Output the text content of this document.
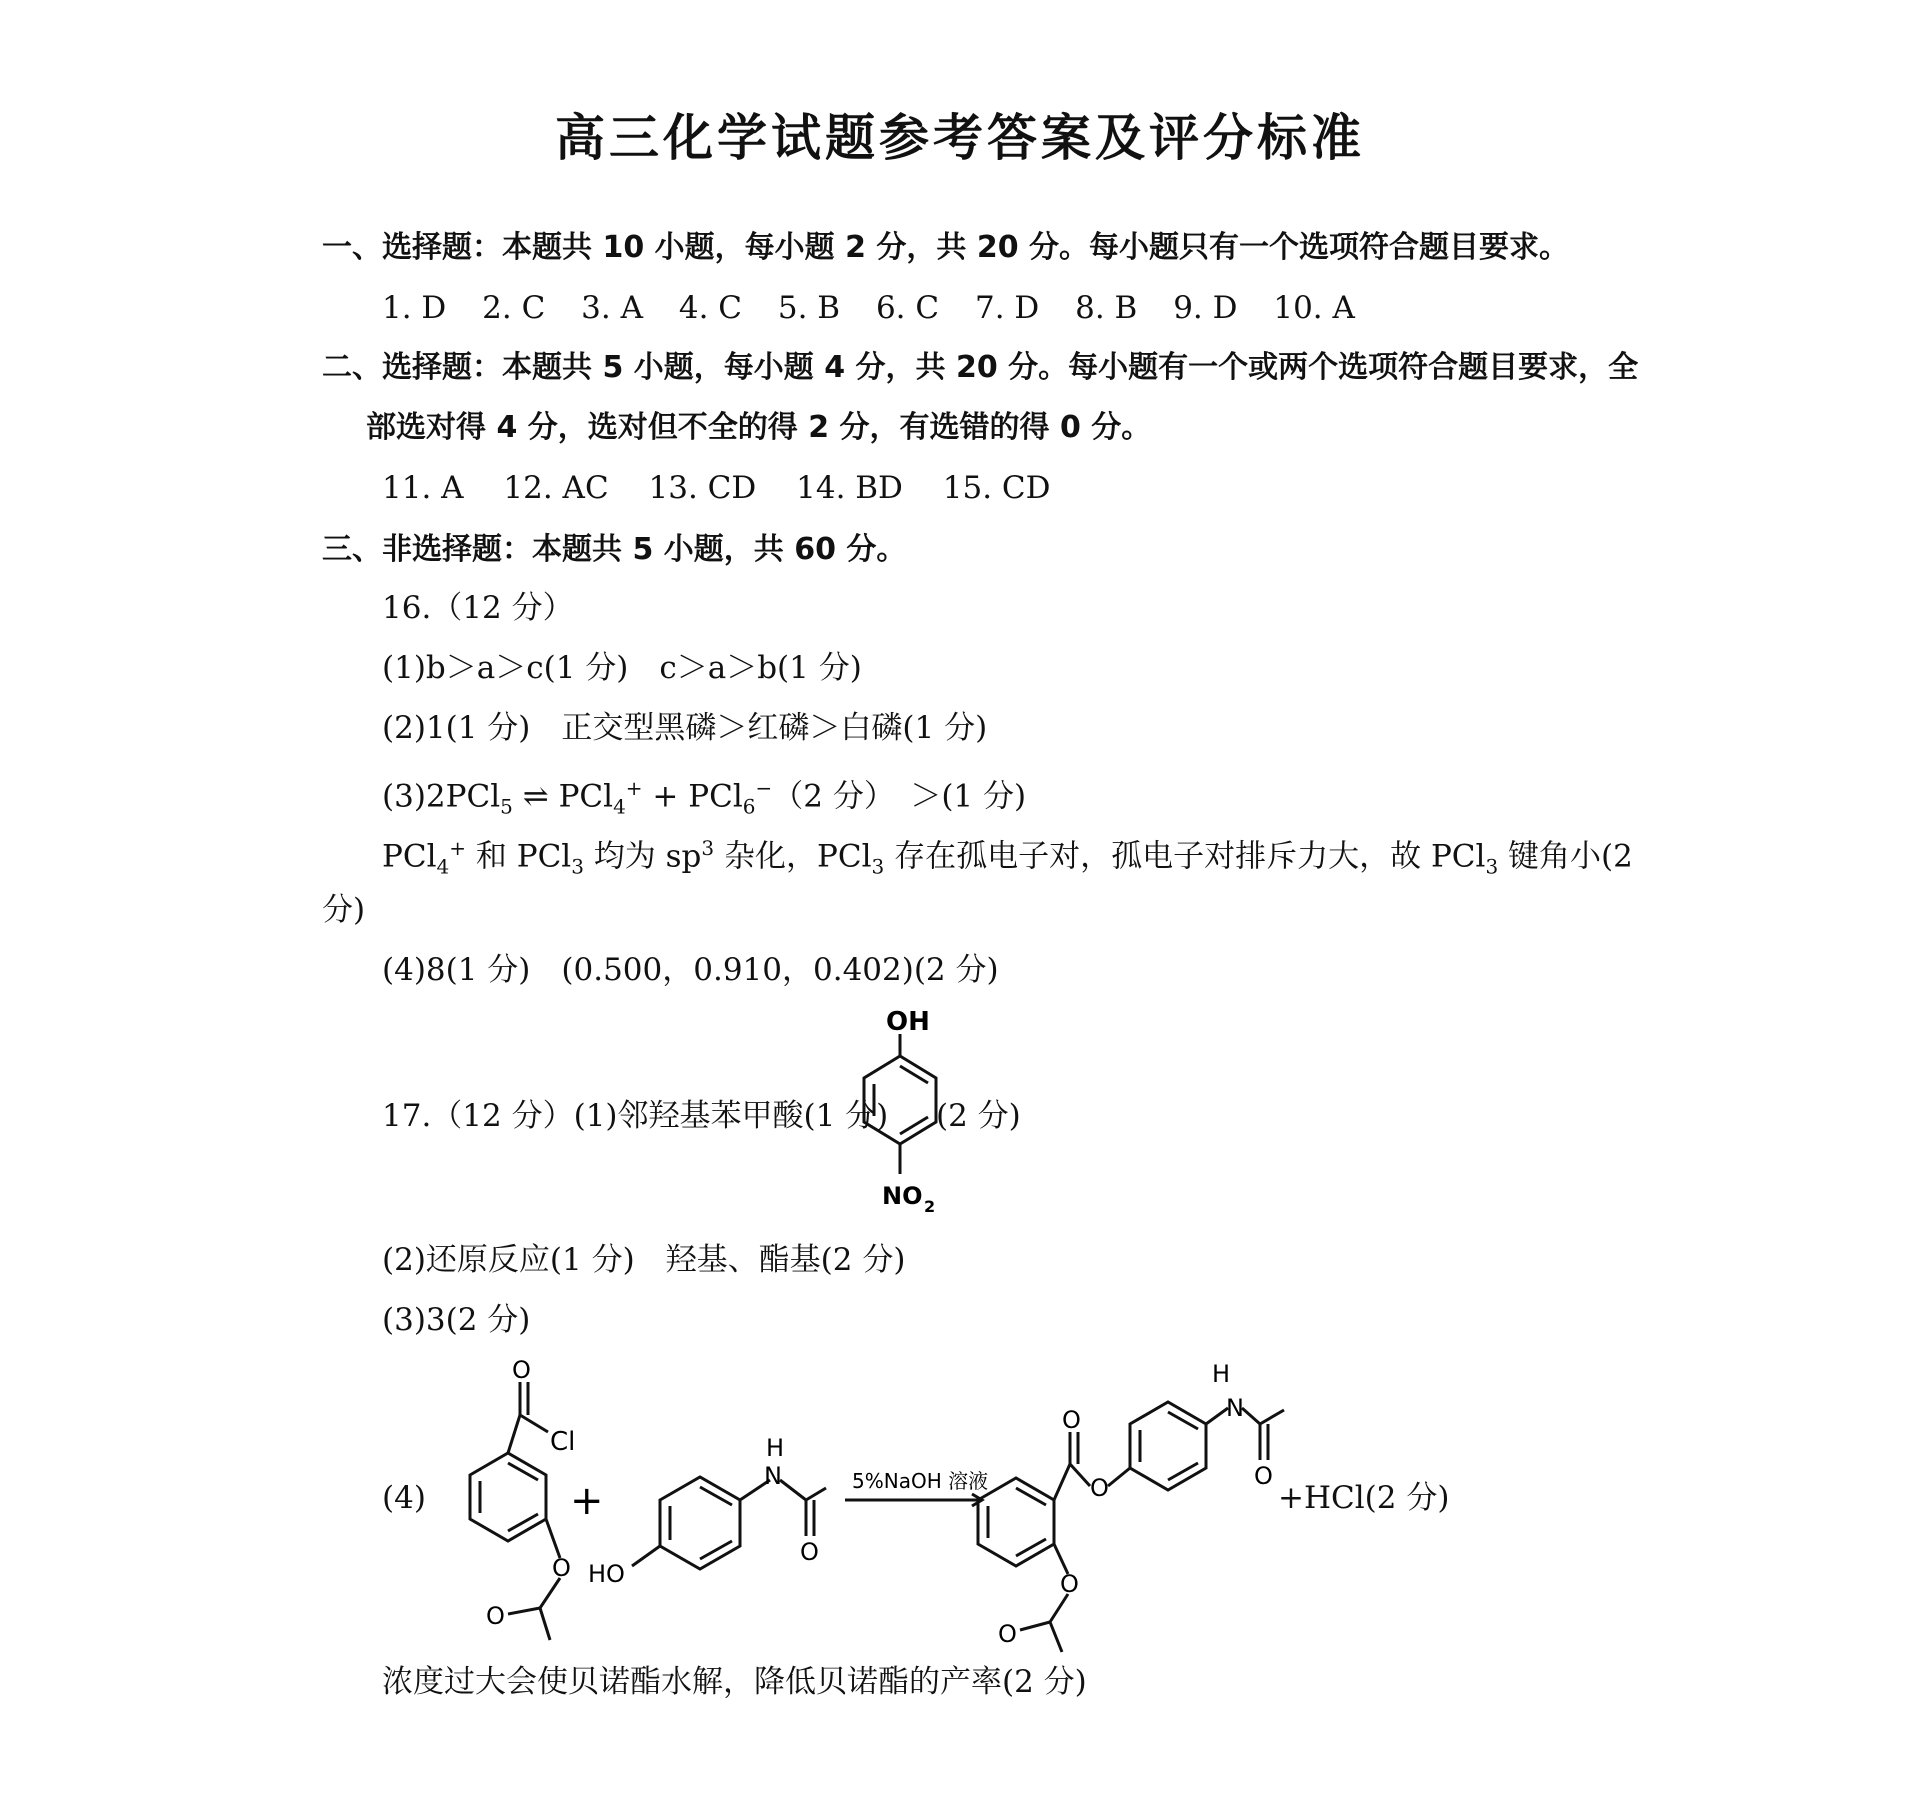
高三化学试题参考答案及评分标准
一、选择题：本题共 10 小题，每小题 2 分，共 20 分。每小题只有一个选项符合题目要求。
1. D 2. C 3. A 4. C 5. B 6. C 7. D 8. B 9. D 10. A
二、选择题：本题共 5 小题，每小题 4 分，共 20 分。每小题有一个或两个选项符合题目要求，全
部选对得 4 分，选对但不全的得 2 分，有选错的得 0 分。
11. A 12. AC 13. CD 14. BD 15. CD
三、非选择题：本题共 5 小题，共 60 分。
16.（12 分）
(1)b＞a＞c(1 分)　c＞a＞b(1 分)
(2)1(1 分)　正交型黑磷＞红磷＞白磷(1 分)
(3)2PCl$_5$ ⇌ PCl$_4$+ + PCl$_6$−（2 分）　＞(1 分)
PCl$_4$+ 和 PCl$_3$ 均为 $sp^3$ 杂化，PCl$_3$ 存在孤电子对，孤电子对排斥力大，故 PCl$_3$ 键角小(2
分)
(4)8(1 分)　(0.500，0.910，0.402)(2 分)
17.（12 分）(1)邻羟基苯甲酸(1 分)
OH
NO 2
(2 分)
(2)还原反应(1 分)　羟基、酯基(2 分)
(3)3(2 分)
(4)
O
Cl
O
O
+
H
N
O
HO
5%NaOH 溶液
O
O
H
N
O
O
O
+HCl(2 分)
浓度过大会使贝诺酯水解，降低贝诺酯的产率(2 分)
